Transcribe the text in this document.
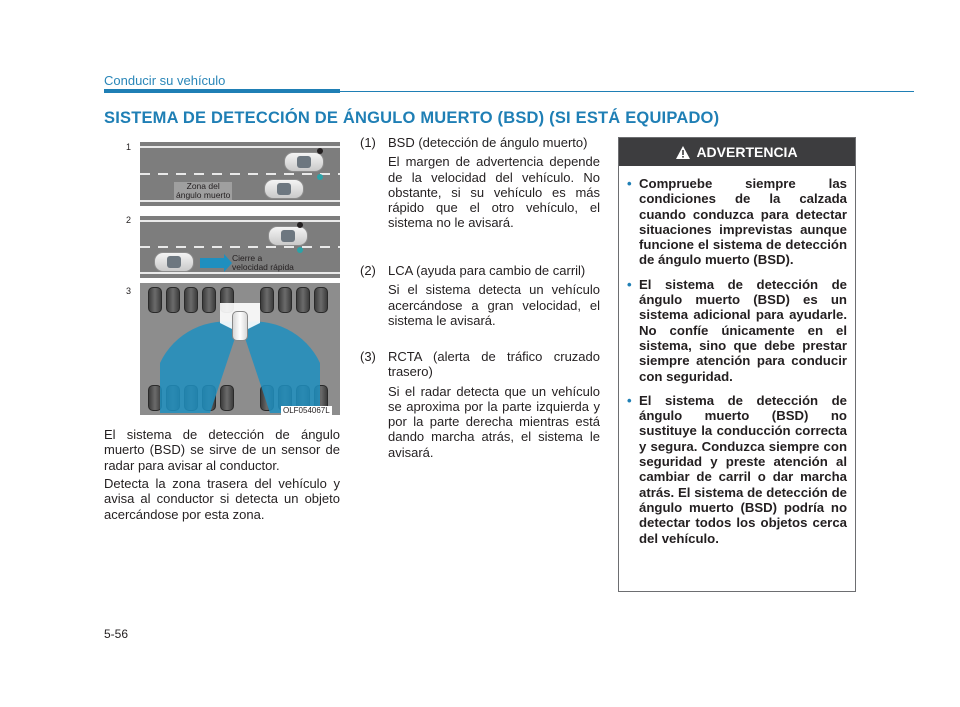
Conducir su vehículo
SISTEMA DE DETECCIÓN DE ÁNGULO MUERTO (BSD) (SI ESTÁ EQUIPADO)
1
2
3
Zona del
ángulo muerto
Cierre a
velocidad rápida
OLF054067L

El sistema de detección de ángulo muerto (BSD) se sirve de un sensor de radar para avisar al conductor.

Detecta la zona trasera del vehículo y avisa al conductor si detecta un objeto acercándose por esta zona.

(1) BSD (detección de ángulo muerto)
El margen de advertencia depende de la velocidad del vehículo. No obstante, si su vehículo es más rápido que el otro vehículo, el sistema no le avisará.
(2) LCA (ayuda para cambio de carril)
Si el sistema detecta un vehículo acercándose a gran velocidad, el sistema le avisará.
(3) RCTA (alerta de tráfico cruzado trasero)
Si el radar detecta que un vehículo se aproxima por la parte izquierda y por la parte derecha mientras está dando marcha atrás, el sistema le avisará.
ADVERTENCIA
• Compruebe siempre las condiciones de la calzada cuando conduzca para detectar situaciones imprevistas aunque funcione el sistema de detección de ángulo muerto (BSD).
• El sistema de detección de ángulo muerto (BSD) es un sistema adicional para ayudarle. No confíe únicamente en el sistema, sino que debe prestar siempre atención para conducir con seguridad.
• El sistema de detección de ángulo muerto (BSD) no sustituye la conducción correcta y segura. Conduzca siempre con seguridad y preste atención al cambiar de carril o dar marcha atrás. El sistema de detección de ángulo muerto (BSD) podría no detectar todos los objetos cerca del vehículo.
5-56
